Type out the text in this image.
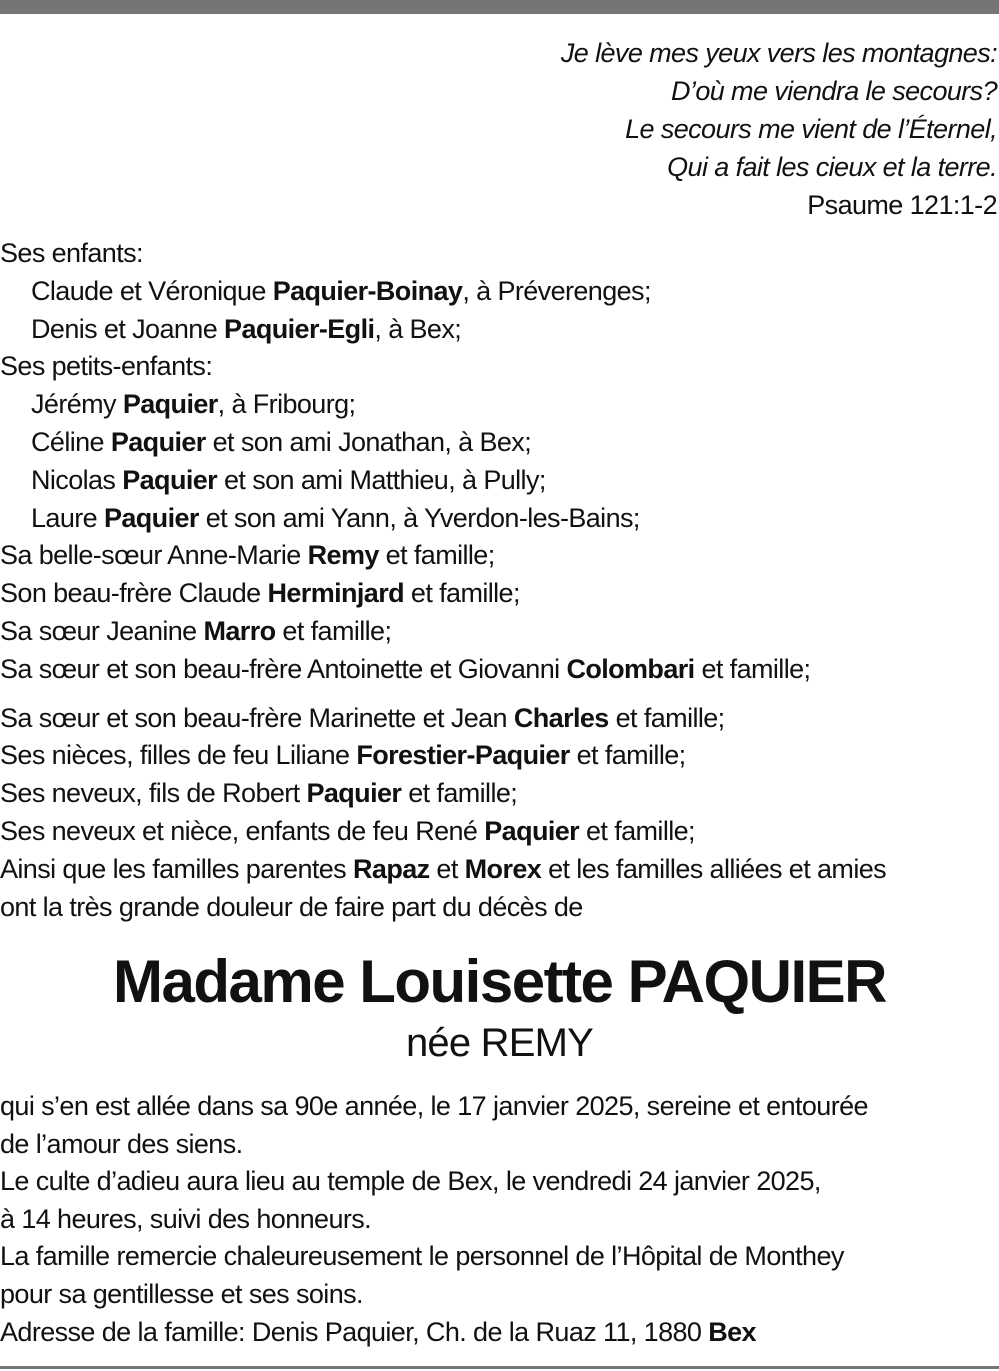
Je lève mes yeux vers les montagnes:
D’où me viendra le secours?
Le secours me vient de l’Éternel,
Qui a fait les cieux et la terre.
Psaume 121:1-2
Ses enfants:
Claude et Véronique Paquier-Boinay, à Préverenges;
Denis et Joanne Paquier-Egli, à Bex;
Ses petits-enfants:
Jérémy Paquier, à Fribourg;
Céline Paquier et son ami Jonathan, à Bex;
Nicolas Paquier et son ami Matthieu, à Pully;
Laure Paquier et son ami Yann, à Yverdon-les-Bains;
Sa belle-sœur Anne-Marie Remy et famille;
Son beau-frère Claude Herminjard et famille;
Sa sœur Jeanine Marro et famille;
Sa sœur et son beau-frère Antoinette et Giovanni Colombari et famille;
Sa sœur et son beau-frère Marinette et Jean Charles et famille;
Ses nièces, filles de feu Liliane Forestier-Paquier et famille;
Ses neveux, fils de Robert Paquier et famille;
Ses neveux et nièce, enfants de feu René Paquier et famille;
Ainsi que les familles parentes Rapaz et Morex et les familles alliées et amies
ont la très grande douleur de faire part du décès de
Madame Louisette PAQUIER
née REMY
qui s’en est allée dans sa 90e année, le 17 janvier 2025, sereine et entourée
de l’amour des siens.
Le culte d’adieu aura lieu au temple de Bex, le vendredi 24 janvier 2025,
à 14 heures, suivi des honneurs.
La famille remercie chaleureusement le personnel de l’Hôpital de Monthey
pour sa gentillesse et ses soins.
Adresse de la famille: Denis Paquier, Ch. de la Ruaz 11, 1880 Bex
